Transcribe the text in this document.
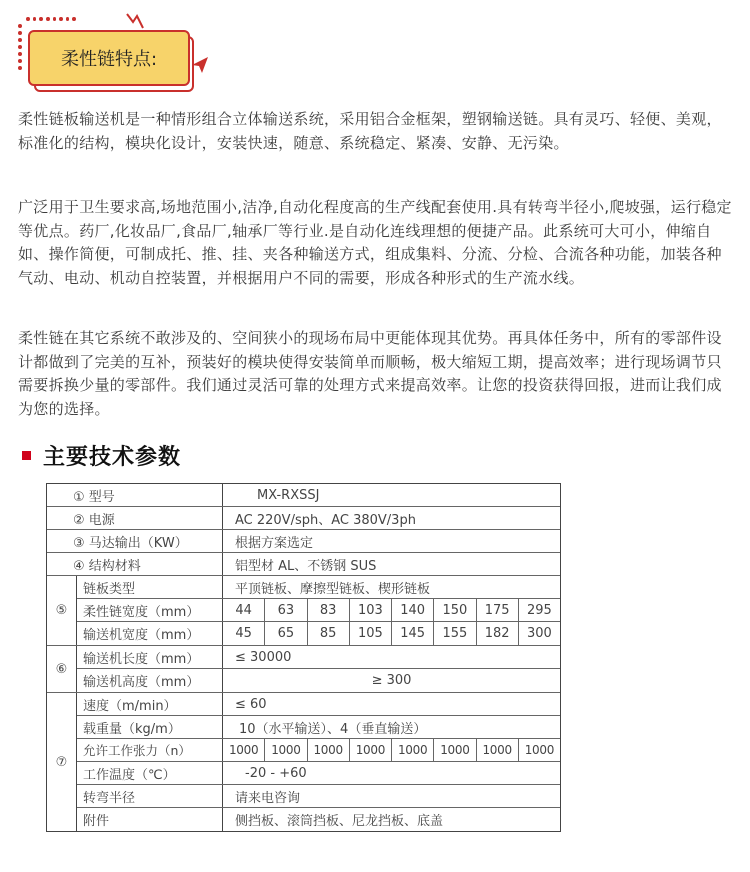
柔性链特点:

柔性链板输送机是一种情形组合立体输送系统，采用铝合金框架，塑钢输送链。具有灵巧、轻便、美观，标准化的结构，模块化设计，安装快速，随意、系统稳定、紧凑、安静、无污染。

广泛用于卫生要求高,场地范围小,洁净,自动化程度高的生产线配套使用.具有转弯半径小,爬坡强，运行稳定等优点。药厂,化妆品厂,食品厂,轴承厂等行业.是自动化连线理想的便捷产品。此系统可大可小，伸缩自如、操作简便，可制成托、推、挂、夹各种输送方式，组成集料、分流、分检、合流各种功能，加装各种气动、电动、机动自控装置，并根据用户不同的需要，形成各种形式的生产流水线。

柔性链在其它系统不敢涉及的、空间狭小的现场布局中更能体现其优势。再具体任务中，所有的零部件设计都做到了完美的互补，预装好的模块使得安装简单而顺畅，极大缩短工期，提高效率；进行现场调节只需要拆换少量的零部件。我们通过灵活可靠的处理方式来提高效率。让您的投资获得回报，进而让我们成为您的选择。

主要技术参数
① 型号	MX-RXSSJ
② 电源	AC 220V/sph、AC 380V/3ph
③ 马达输出（KW）	根据方案选定
④ 结构材料	铝型材 AL、不锈钢 SUS
⑤
链板类型	平顶链板、摩擦型链板、楔形链板
柔性链宽度（mm）	44	63	83	103	140	150	175	295
输送机宽度（mm）	45	65	85	105	145	155	182	300
⑥
输送机长度（mm）	≤ 30000
输送机高度（mm）	≥ 300
⑦
速度（m/min）	≤ 60
载重量（kg/m）	10（水平输送）、4（垂直输送）
允许工作张力（n）	1000	1000	1000	1000	1000	1000	1000	1000
工作温度（℃）	-20 - +60
转弯半径	请来电咨询
附件	侧挡板、滚筒挡板、尼龙挡板、底盖
